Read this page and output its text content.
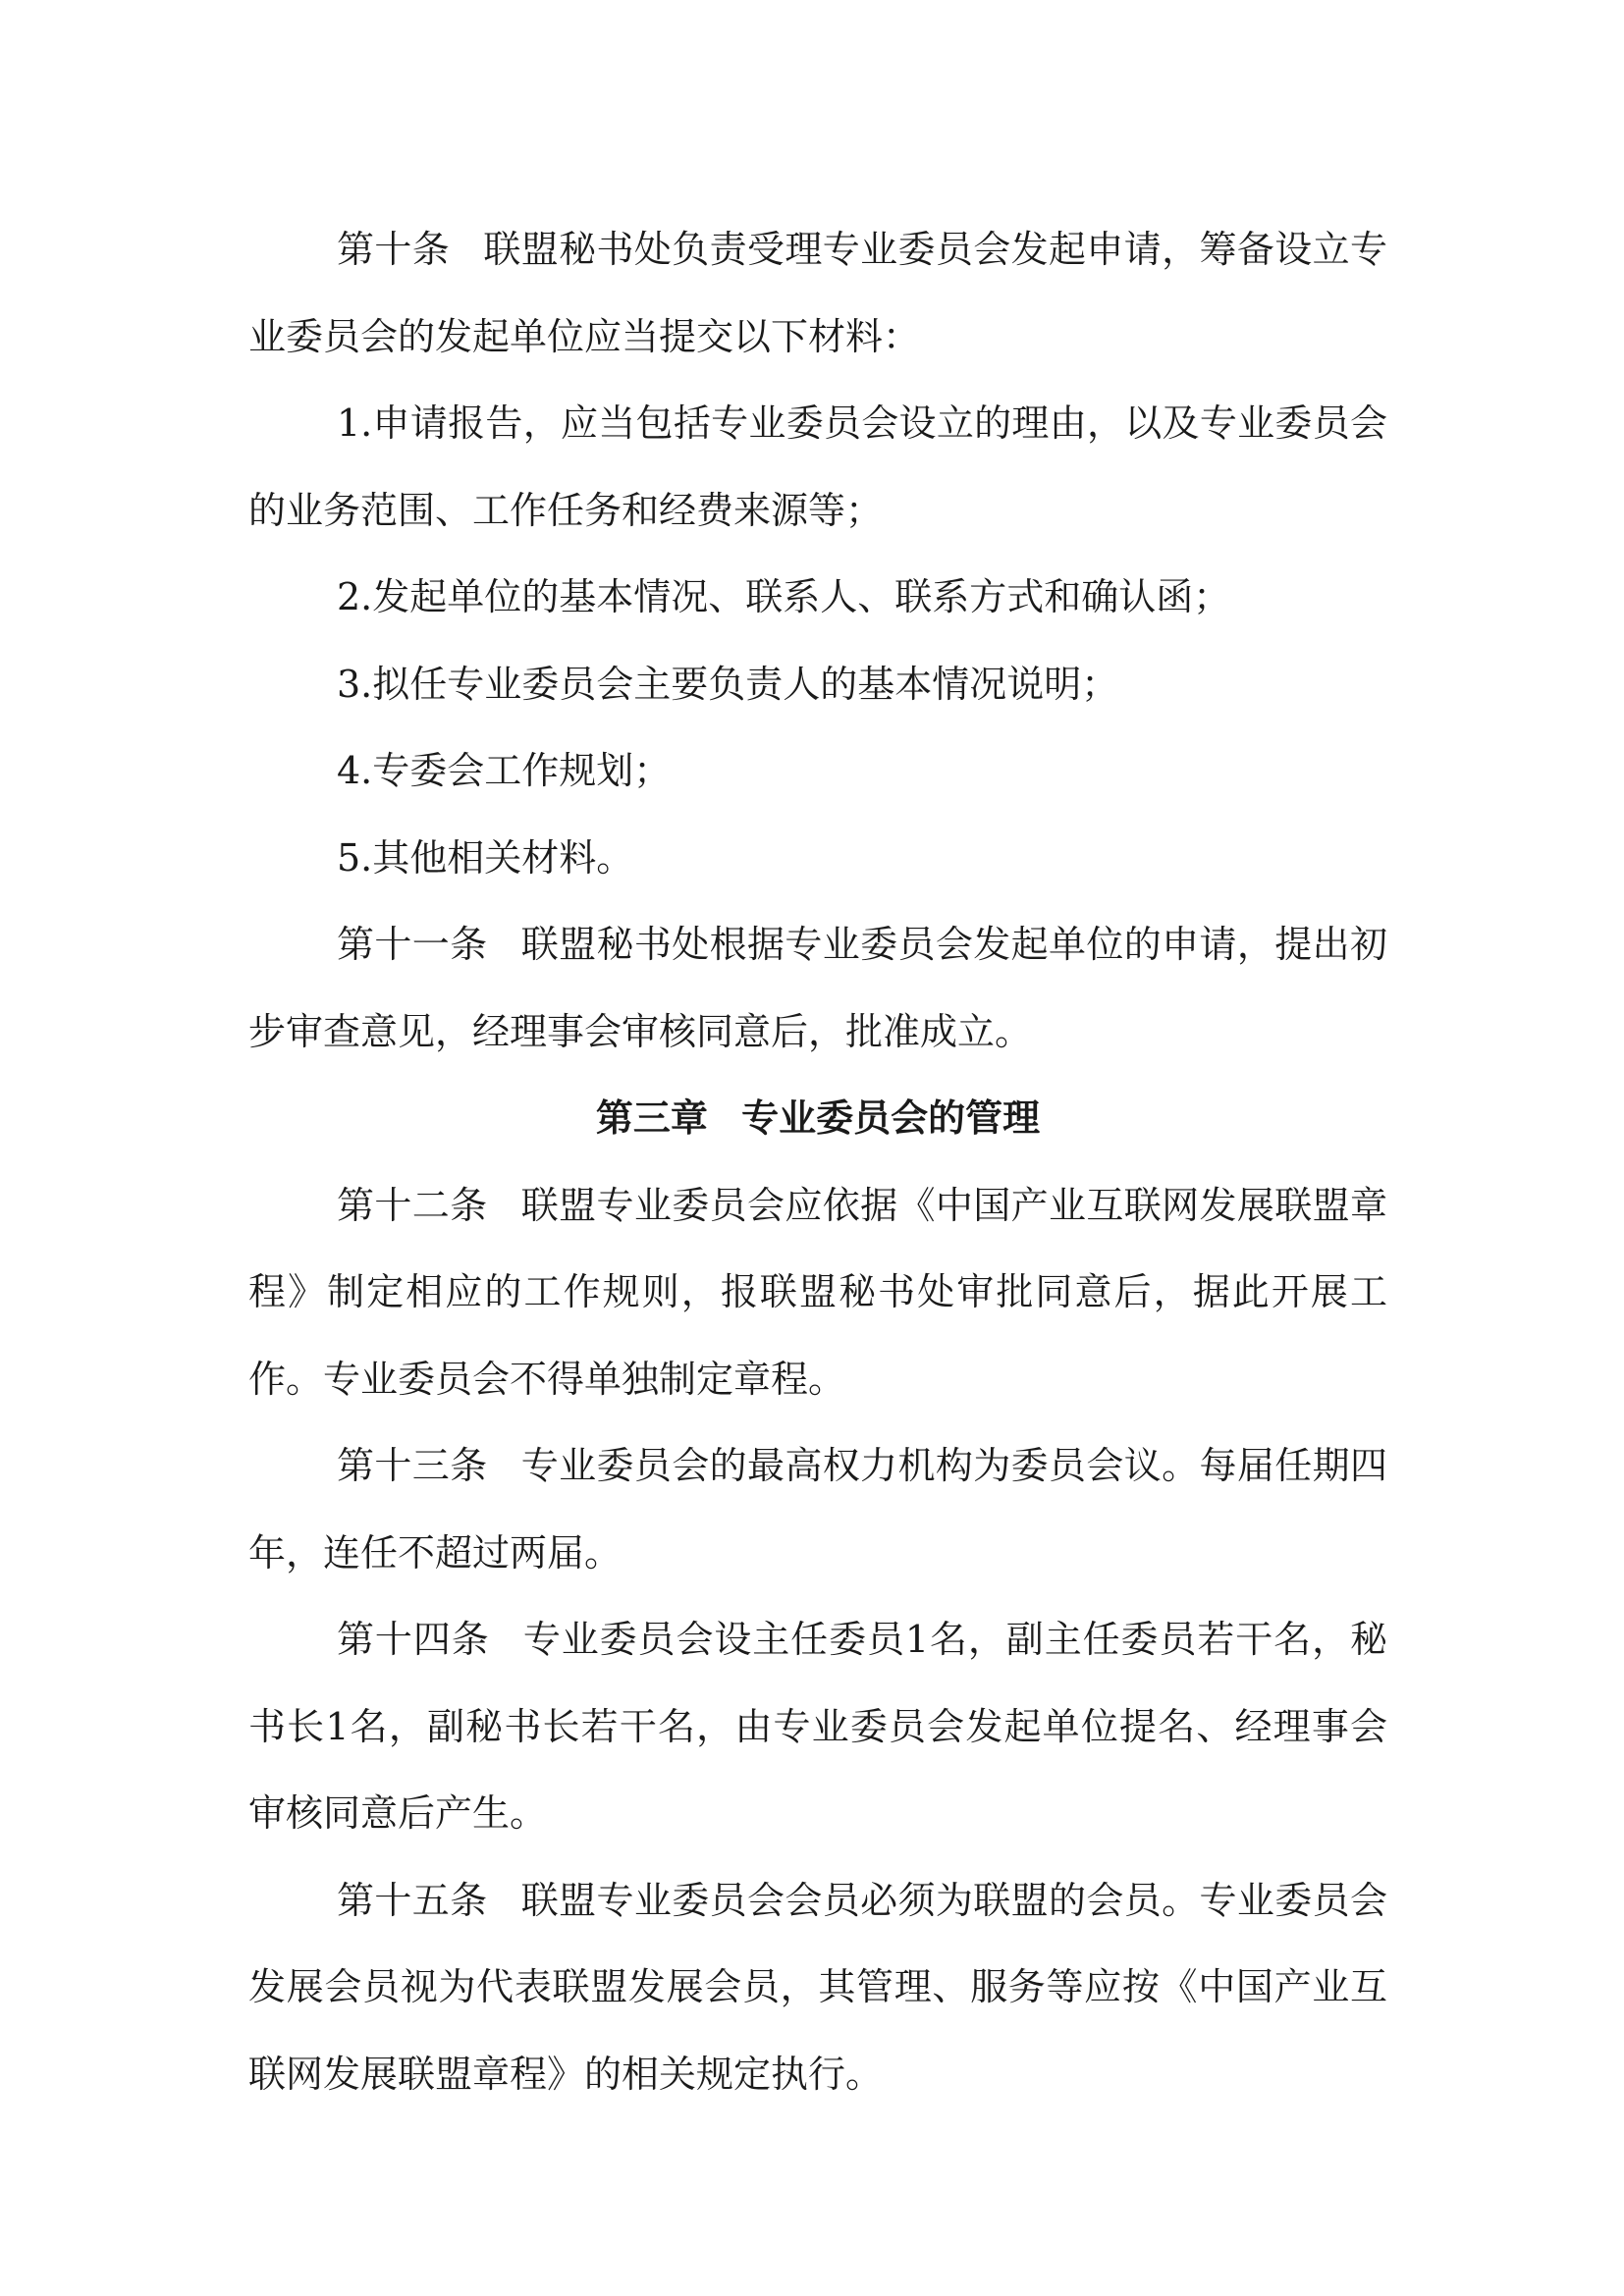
第十条 联盟秘书处负责受理专业委员会发起申请，筹备设立专业委员会的发起单位应当提交以下材料：

1.申请报告，应当包括专业委员会设立的理由，以及专业委员会的业务范围、工作任务和经费来源等；

2.发起单位的基本情况、联系人、联系方式和确认函；

3.拟任专业委员会主要负责人的基本情况说明；

4.专委会工作规划；

5.其他相关材料。

第十一条 联盟秘书处根据专业委员会发起单位的申请，提出初步审查意见，经理事会审核同意后，批准成立。

第三章 专业委员会的管理

第十二条 联盟专业委员会应依据《中国产业互联网发展联盟章程》制定相应的工作规则，报联盟秘书处审批同意后，据此开展工作。专业委员会不得单独制定章程。

第十三条 专业委员会的最高权力机构为委员会议。每届任期四年，连任不超过两届。

第十四条 专业委员会设主任委员1名，副主任委员若干名，秘书长1名，副秘书长若干名，由专业委员会发起单位提名、经理事会审核同意后产生。

第十五条 联盟专业委员会会员必须为联盟的会员。专业委员会发展会员视为代表联盟发展会员，其管理、服务等应按《中国产业互联网发展联盟章程》的相关规定执行。
